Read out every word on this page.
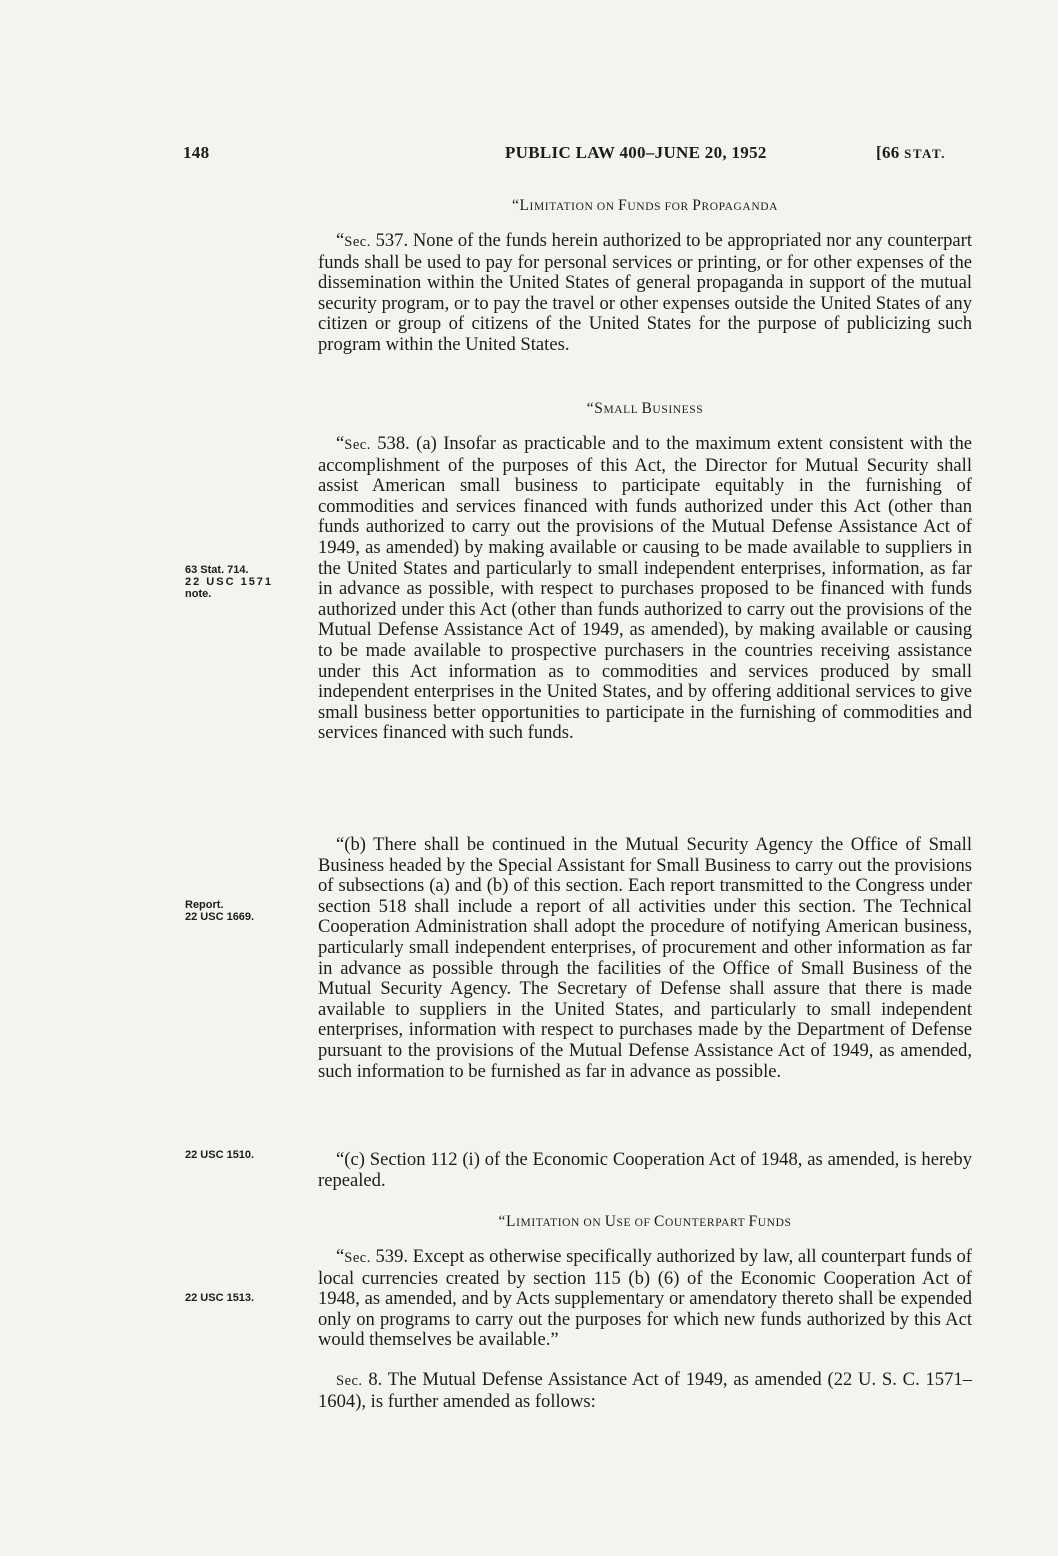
148	PUBLIC LAW 400–JUNE 20, 1952	[66 STAT.
“LIMITATION ON FUNDS FOR PROPAGANDA
“Sec. 537. None of the funds herein authorized to be appropriated nor any counterpart funds shall be used to pay for personal services or printing, or for other expenses of the dissemination within the United States of general propaganda in support of the mutual security program, or to pay the travel or other expenses outside the United States of any citizen or group of citizens of the United States for the purpose of publicizing such program within the United States.
“SMALL BUSINESS
“Sec. 538. (a) Insofar as practicable and to the maximum extent consistent with the accomplishment of the purposes of this Act, the Director for Mutual Security shall assist American small business to participate equitably in the furnishing of commodities and services financed with funds authorized under this Act (other than funds authorized to carry out the provisions of the Mutual Defense Assistance Act of 1949, as amended) by making available or causing to be made available to suppliers in the United States and particularly to small independent enterprises, information, as far in advance as possible, with respect to purchases proposed to be financed with funds authorized under this Act (other than funds authorized to carry out the provisions of the Mutual Defense Assistance Act of 1949, as amended), by making available or causing to be made available to prospective purchasers in the countries receiving assistance under this Act information as to commodities and services produced by small independent enterprises in the United States, and by offering additional services to give small business better opportunities to participate in the furnishing of commodities and services financed with such funds.
“(b) There shall be continued in the Mutual Security Agency the Office of Small Business headed by the Special Assistant for Small Business to carry out the provisions of subsections (a) and (b) of this section. Each report transmitted to the Congress under section 518 shall include a report of all activities under this section. The Technical Cooperation Administration shall adopt the procedure of notifying American business, particularly small independent enterprises, of procurement and other information as far in advance as possible through the facilities of the Office of Small Business of the Mutual Security Agency. The Secretary of Defense shall assure that there is made available to suppliers in the United States, and particularly to small independent enterprises, information with respect to purchases made by the Department of Defense pursuant to the provisions of the Mutual Defense Assistance Act of 1949, as amended, such information to be furnished as far in advance as possible.
“(c) Section 112 (i) of the Economic Cooperation Act of 1948, as amended, is hereby repealed.
“LIMITATION ON USE OF COUNTERPART FUNDS
“Sec. 539. Except as otherwise specifically authorized by law, all counterpart funds of local currencies created by section 115 (b) (6) of the Economic Cooperation Act of 1948, as amended, and by Acts supplementary or amendatory thereto shall be expended only on programs to carry out the purposes for which new funds authorized by this Act would themselves be available.”
Sec. 8. The Mutual Defense Assistance Act of 1949, as amended (22 U. S. C. 1571–1604), is further amended as follows:
63 Stat. 714.
22 USC 1571
note.
Report.
22 USC 1669.
22 USC 1510.
22 USC 1513.
